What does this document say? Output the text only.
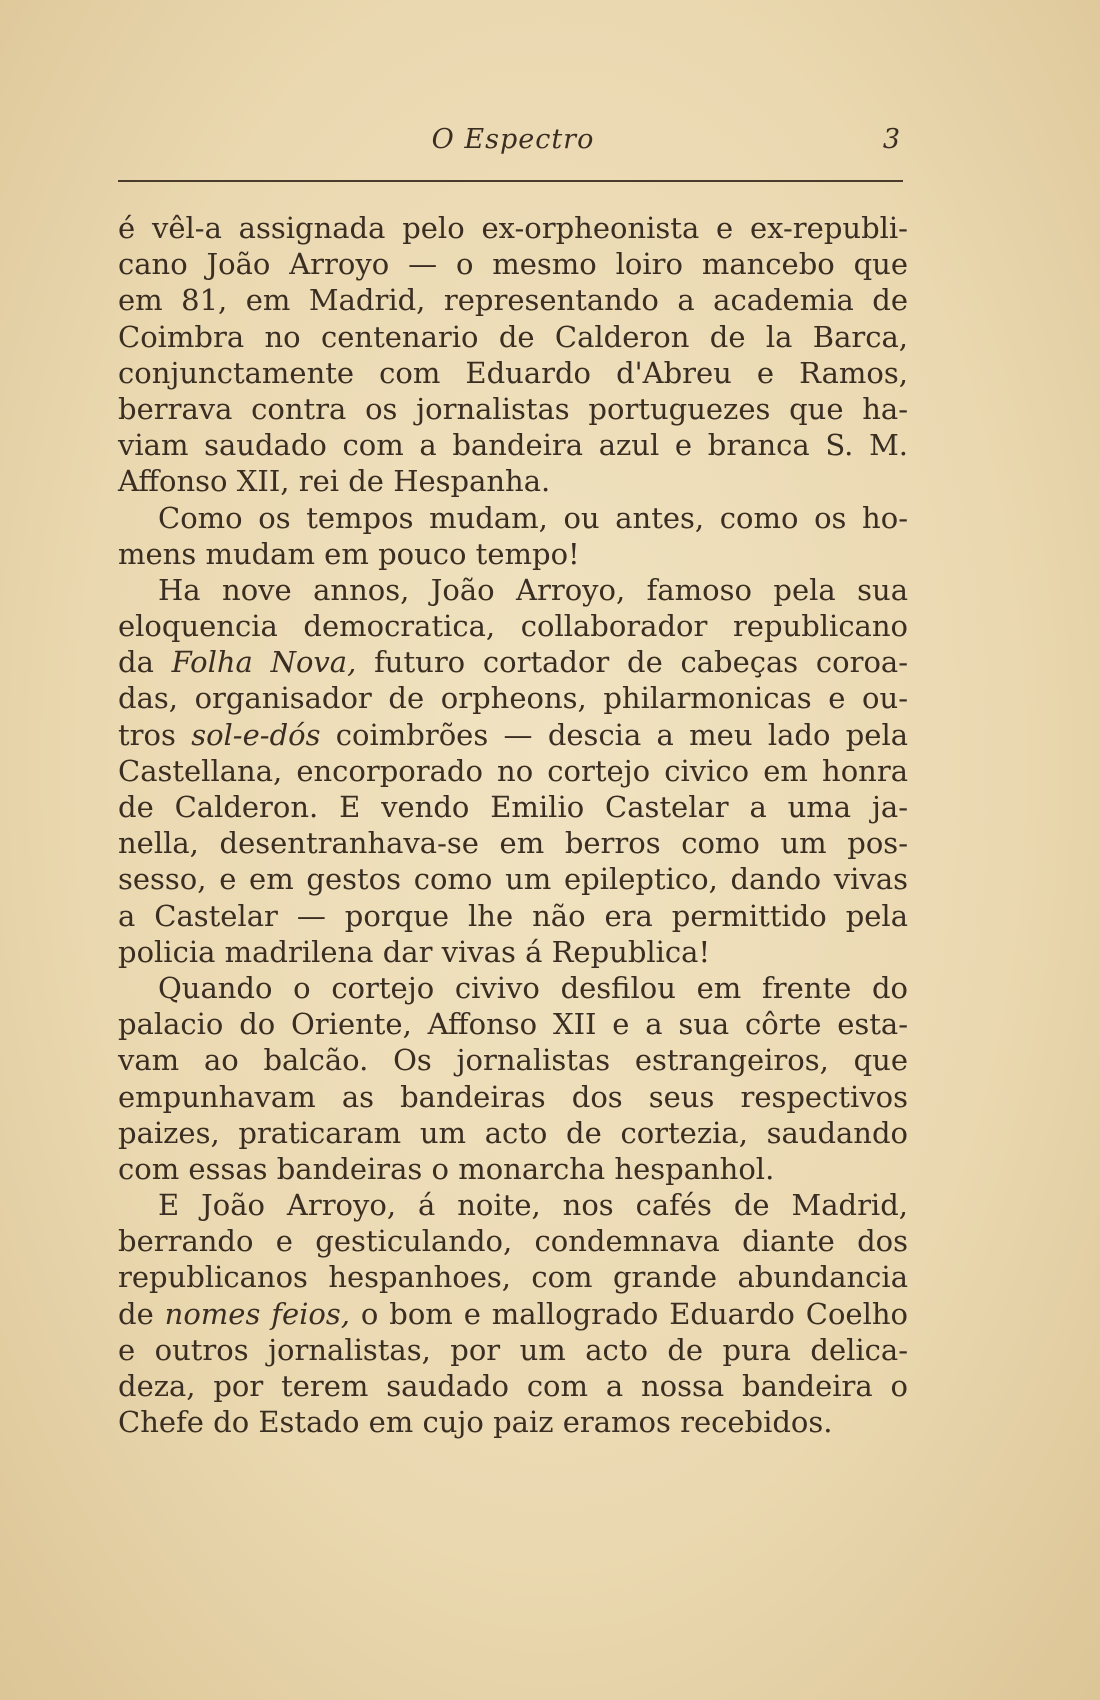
O Espectro	3
é vêl-a assignada pelo ex-orpheonista e ex-republi-
cano João Arroyo — o mesmo loiro mancebo que
em 81, em Madrid, representando a academia de
Coimbra no centenario de Calderon de la Barca,
conjunctamente com Eduardo d'Abreu e Ramos,
berrava contra os jornalistas portuguezes que ha-
viam saudado com a bandeira azul e branca S. M.
Affonso XII, rei de Hespanha.
Como os tempos mudam, ou antes, como os ho-
mens mudam em pouco tempo!
Ha nove annos, João Arroyo, famoso pela sua
eloquencia democratica, collaborador republicano
da Folha Nova, futuro cortador de cabeças coroa-
das, organisador de orpheons, philarmonicas e ou-
tros sol-e-dós coimbrões — descia a meu lado pela
Castellana, encorporado no cortejo civico em honra
de Calderon. E vendo Emilio Castelar a uma ja-
nella, desentranhava-se em berros como um pos-
sesso, e em gestos como um epileptico, dando vivas
a Castelar — porque lhe não era permittido pela
policia madrilena dar vivas á Republica!
Quando o cortejo civivo desfilou em frente do
palacio do Oriente, Affonso XII e a sua côrte esta-
vam ao balcão. Os jornalistas estrangeiros, que
empunhavam as bandeiras dos seus respectivos
paizes, praticaram um acto de cortezia, saudando
com essas bandeiras o monarcha hespanhol.
E João Arroyo, á noite, nos cafés de Madrid,
berrando e gesticulando, condemnava diante dos
republicanos hespanhoes, com grande abundancia
de nomes feios, o bom e mallogrado Eduardo Coelho
e outros jornalistas, por um acto de pura delica-
deza, por terem saudado com a nossa bandeira o
Chefe do Estado em cujo paiz eramos recebidos.
